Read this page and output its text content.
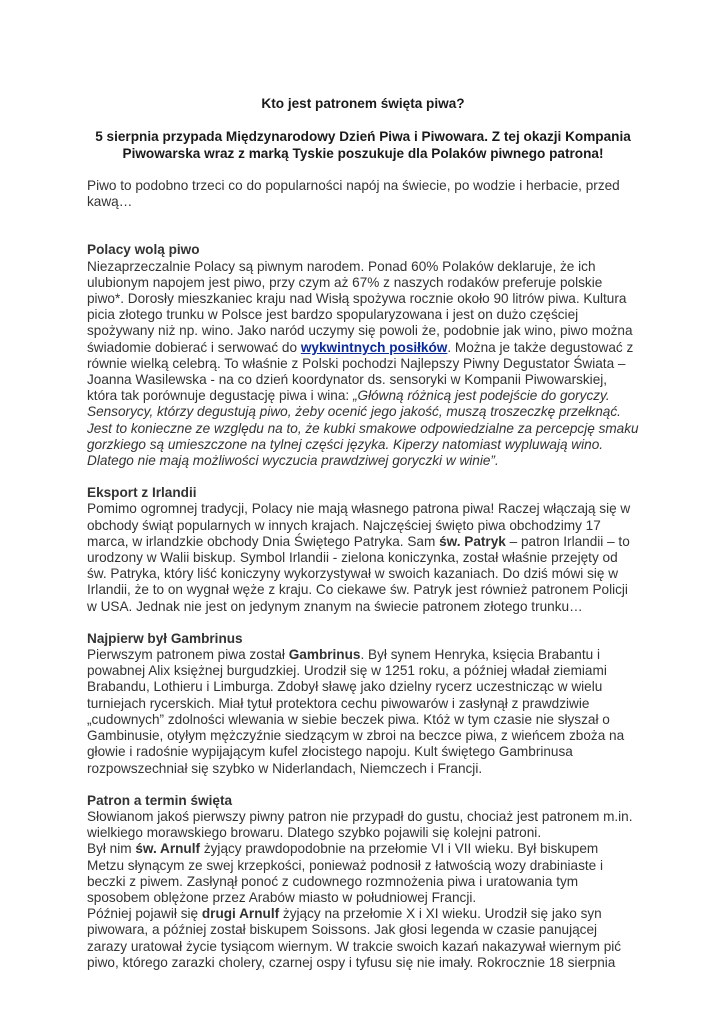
Kto jest patronem święta piwa?
5 sierpnia przypada Międzynarodowy Dzień Piwa i Piwowara. Z tej okazji Kompania Piwowarska wraz z marką Tyskie poszukuje dla Polaków piwnego patrona!

Piwo to podobno trzeci co do popularności napój na świecie, po wodzie i herbacie, przed kawą…

Polacy wolą piwo

Niezaprzeczalnie Polacy są piwnym narodem. Ponad 60% Polaków deklaruje, że ich ulubionym napojem jest piwo, przy czym aż 67% z naszych rodaków preferuje polskie piwo*. Dorosły mieszkaniec kraju nad Wisłą spożywa rocznie około 90 litrów piwa. Kultura picia złotego trunku w Polsce jest bardzo spopularyzowana i jest on dużo częściej spożywany niż np. wino. Jako naród uczymy się powoli że, podobnie jak wino, piwo można świadomie dobierać i serwować do wykwintnych posiłków. Można je także degustować z równie wielką celebrą. To właśnie z Polski pochodzi Najlepszy Piwny Degustator Świata – Joanna Wasilewska - na co dzień koordynator ds. sensoryki w Kompanii Piwowarskiej, która tak porównuje degustację piwa i wina: „Główną różnicą jest podejście do goryczy. Sensorycy, którzy degustują piwo, żeby ocenić jego jakość, muszą troszeczkę przełknąć. Jest to konieczne ze względu na to, że kubki smakowe odpowiedzialne za percepcję smaku gorzkiego są umieszczone na tylnej części języka. Kiperzy natomiast wypluwają wino. Dlatego nie mają możliwości wyczucia prawdziwej goryczki w winie”.

Eksport z Irlandii

Pomimo ogromnej tradycji, Polacy nie mają własnego patrona piwa! Raczej włączają się w obchody świąt popularnych w innych krajach. Najczęściej święto piwa obchodzimy 17 marca, w irlandzkie obchody Dnia Świętego Patryka. Sam św. Patryk – patron Irlandii – to urodzony w Walii biskup. Symbol Irlandii - zielona koniczynka, został właśnie przejęty od św. Patryka, który liść koniczyny wykorzystywał w swoich kazaniach. Do dziś mówi się w Irlandii, że to on wygnał węże z kraju. Co ciekawe św. Patryk jest również patronem Policji w USA. Jednak nie jest on jedynym znanym na świecie patronem złotego trunku…

Najpierw był Gambrinus

Pierwszym patronem piwa został Gambrinus. Był synem Henryka, księcia Brabantu i powabnej Alix księżnej burgudzkiej. Urodził się w 1251 roku, a później władał ziemiami Brabandu, Lothieru i Limburga. Zdobył sławę jako dzielny rycerz uczestnicząc w wielu turniejach rycerskich. Miał tytuł protektora cechu piwowarów i zasłynął z prawdziwie „cudownych” zdolności wlewania w siebie beczek piwa. Któż w tym czasie nie słyszał o Gambinusie, otyłym mężczyźnie siedzącym w zbroi na beczce piwa, z wieńcem zboża na głowie i radośnie wypijającym kufel złocistego napoju. Kult świętego Gambrinusa rozpowszechniał się szybko w Niderlandach, Niemczech i Francji.

Patron a termin święta

Słowianom jakoś pierwszy piwny patron nie przypadł do gustu, chociaż jest patronem m.in. wielkiego morawskiego browaru. Dlatego szybko pojawili się kolejni patroni.

Był nim św. Arnulf żyjący prawdopodobnie na przełomie VI i VII wieku. Był biskupem Metzu słynącym ze swej krzepkości, ponieważ podnosił z łatwością wozy drabiniaste i beczki z piwem. Zasłynął ponoć z cudownego rozmnożenia piwa i uratowania tym sposobem oblężone przez Arabów miasto w południowej Francji.

Później pojawił się drugi Arnulf żyjący na przełomie X i XI wieku. Urodził się jako syn piwowara, a później został biskupem Soissons. Jak głosi legenda w czasie panującej zarazy uratował życie tysiącom wiernym. W trakcie swoich kazań nakazywał wiernym pić piwo, którego zarazki cholery, czarnej ospy i tyfusu się nie imały. Rokrocznie 18 sierpnia
